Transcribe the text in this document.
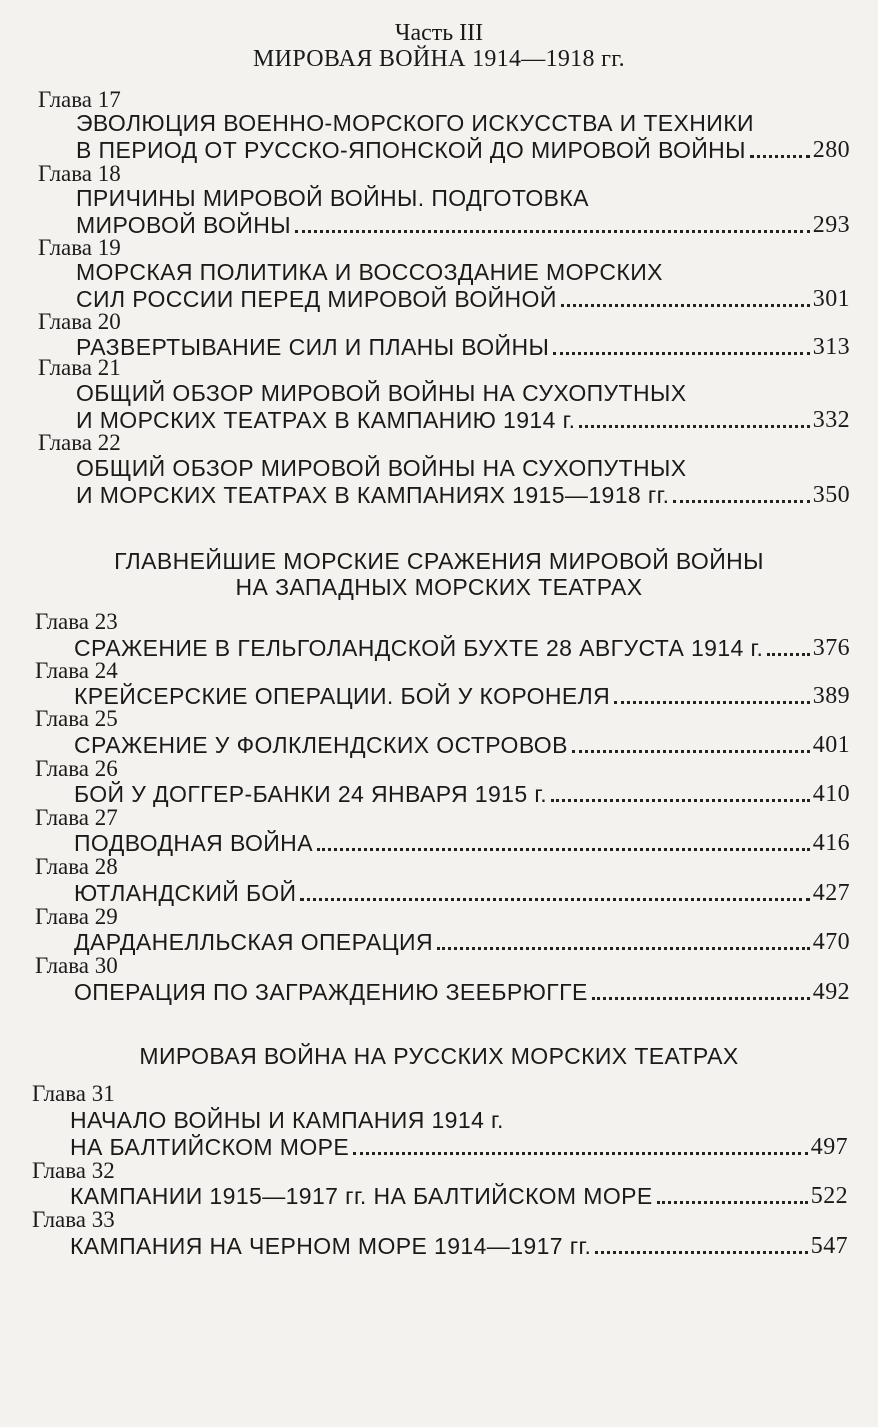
Часть III
МИРОВАЯ ВОЙНА 1914—1918 гг.
Глава 17
ЭВОЛЮЦИЯ ВОЕННО-МОРСКОГО ИСКУССТВА И ТЕХНИКИ
В ПЕРИОД ОТ РУССКО-ЯПОНСКОЙ ДО МИРОВОЙ ВОЙНЫ	280
Глава 18
ПРИЧИНЫ МИРОВОЙ ВОЙНЫ. ПОДГОТОВКА
МИРОВОЙ ВОЙНЫ	293
Глава 19
МОРСКАЯ ПОЛИТИКА И ВОССОЗДАНИЕ МОРСКИХ
СИЛ РОССИИ ПЕРЕД МИРОВОЙ ВОЙНОЙ	301
Глава 20
РАЗВЕРТЫВАНИЕ СИЛ И ПЛАНЫ ВОЙНЫ	313
Глава 21
ОБЩИЙ ОБЗОР МИРОВОЙ ВОЙНЫ НА СУХОПУТНЫХ
И МОРСКИХ ТЕАТРАХ В КАМПАНИЮ 1914 г.	332
Глава 22
ОБЩИЙ ОБЗОР МИРОВОЙ ВОЙНЫ НА СУХОПУТНЫХ
И МОРСКИХ ТЕАТРАХ В КАМПАНИЯХ 1915—1918 гг.	350
ГЛАВНЕЙШИЕ МОРСКИЕ СРАЖЕНИЯ МИРОВОЙ ВОЙНЫ
НА ЗАПАДНЫХ МОРСКИХ ТЕАТРАХ
Глава 23
СРАЖЕНИЕ В ГЕЛЬГОЛАНДСКОЙ БУХТЕ 28 АВГУСТА 1914 г. 376
Глава 24
КРЕЙСЕРСКИЕ ОПЕРАЦИИ. БОЙ У КОРОНЕЛЯ	389
Глава 25
СРАЖЕНИЕ У ФОЛКЛЕНДСКИХ ОСТРОВОВ	401
Глава 26
БОЙ У ДОГГЕР-БАНКИ 24 ЯНВАРЯ 1915 г.	410
Глава 27
ПОДВОДНАЯ ВОЙНА	416
Глава 28
ЮТЛАНДСКИЙ БОЙ	427
Глава 29
ДАРДАНЕЛЛЬСКАЯ ОПЕРАЦИЯ	470
Глава 30
ОПЕРАЦИЯ ПО ЗАГРАЖДЕНИЮ ЗЕЕБРЮГГЕ	492
МИРОВАЯ ВОЙНА НА РУССКИХ МОРСКИХ ТЕАТРАХ
Глава 31
НАЧАЛО ВОЙНЫ И КАМПАНИЯ 1914 г.
НА БАЛТИЙСКОМ МОРЕ	497
Глава 32
КАМПАНИИ 1915—1917 гг. НА БАЛТИЙСКОМ МОРЕ	522
Глава 33
КАМПАНИЯ НА ЧЕРНОМ МОРЕ 1914—1917 гг.	547
